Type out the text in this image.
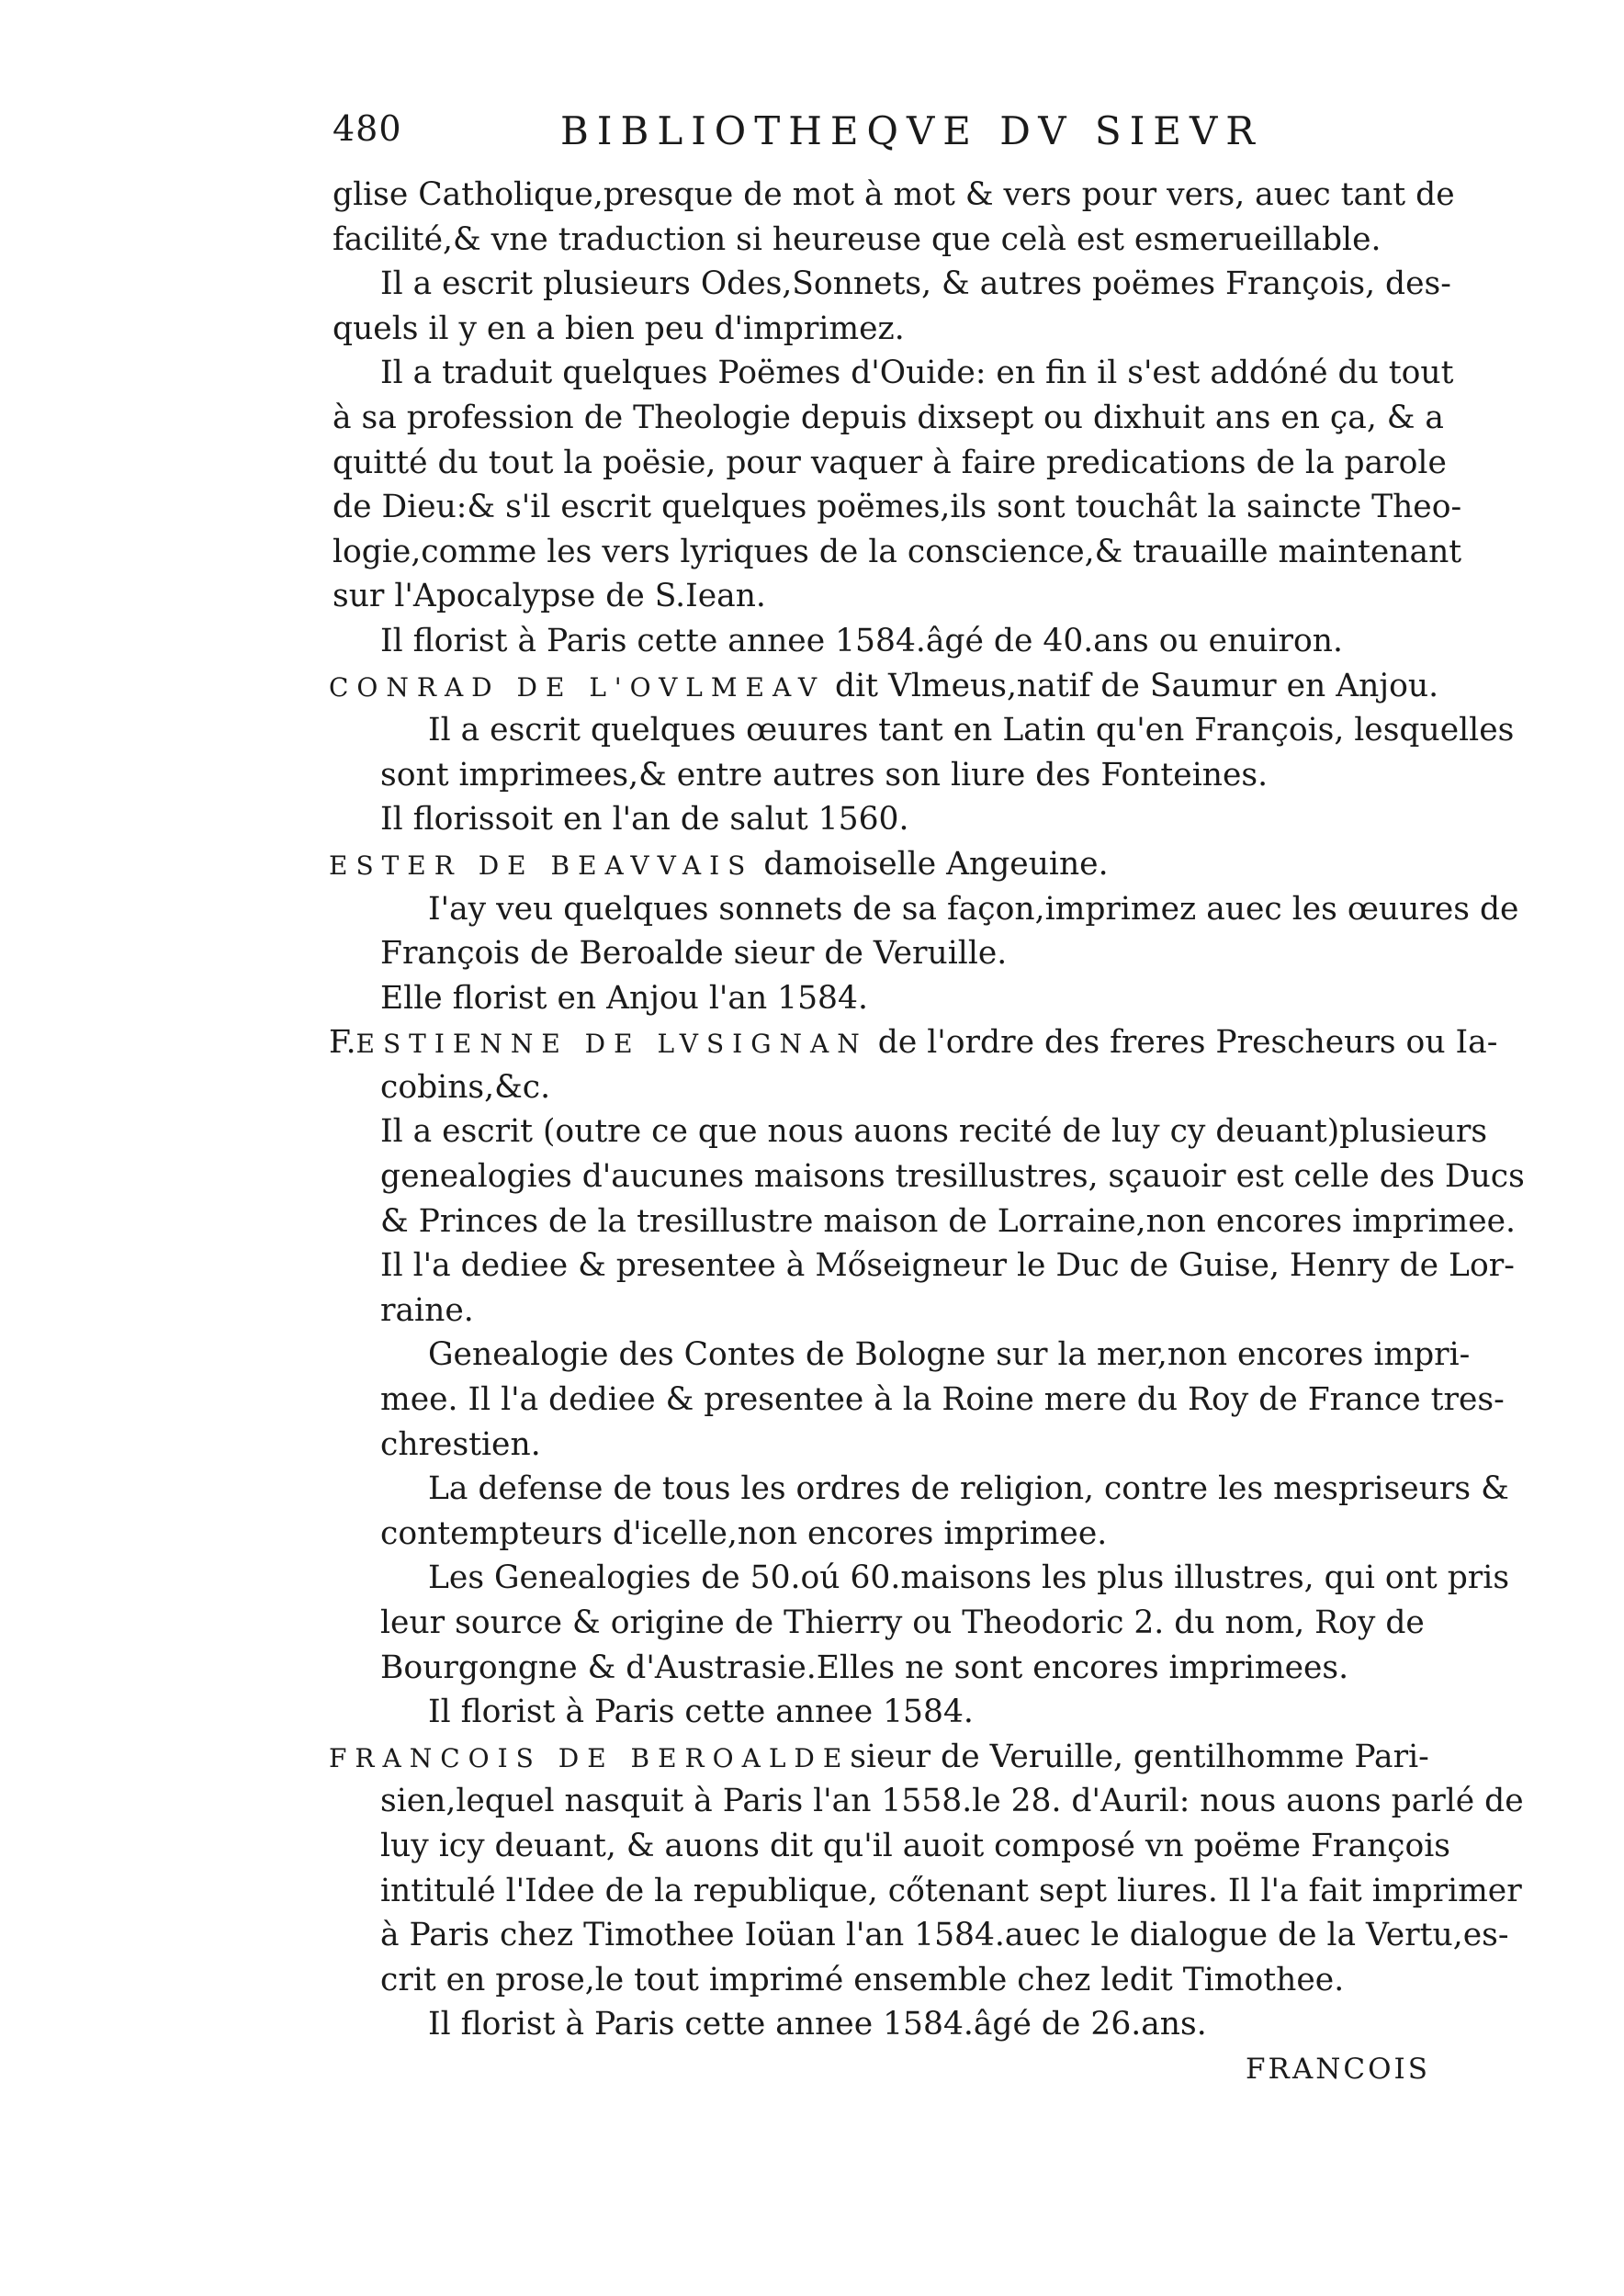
480	BIBLIOTHEQVE DV SIEVR
glise Catholique,presque de mot à mot & vers pour vers, auec tant de
facilité,& vne traduction si heureuse que celà est esmerueillable.
Il a escrit plusieurs Odes,Sonnets, & autres poëmes François, des-
quels il y en a bien peu d'imprimez.
Il a traduit quelques Poëmes d'Ouide: en fin il s'est addóné du tout
à sa profession de Theologie depuis dixsept ou dixhuit ans en ça, & a
quitté du tout la poësie, pour vaquer à faire predications de la parole
de Dieu:& s'il escrit quelques poëmes,ils sont touchât la saincte Theo-
logie,comme les vers lyriques de la conscience,& trauaille maintenant
sur l'Apocalypse de S.Iean.
Il florist à Paris cette annee 1584.âgé de 40.ans ou enuiron.
CONRAD DE L'OVLMEAV dit Vlmeus,natif de Saumur en Anjou.
Il a escrit quelques œuures tant en Latin qu'en François, lesquelles
sont imprimees,& entre autres son liure des Fonteines.
Il florissoit en l'an de salut 1560.
ESTER DE BEAVVAIS damoiselle Angeuine.
I'ay veu quelques sonnets de sa façon,imprimez auec les œuures de
François de Beroalde sieur de Veruille.
Elle florist en Anjou l'an 1584.
F.ESTIENNE DE LVSIGNAN de l'ordre des freres Prescheurs ou Ia-
cobins,&c.
Il a escrit (outre ce que nous auons recité de luy cy deuant)plusieurs
genealogies d'aucunes maisons tresillustres, sçauoir est celle des Ducs
& Princes de la tresillustre maison de Lorraine,non encores imprimee.
Il l'a dediee & presentee à Mőseigneur le Duc de Guise, Henry de Lor-
raine.
Genealogie des Contes de Bologne sur la mer,non encores impri-
mee. Il l'a dediee & presentee à la Roine mere du Roy de France tres-
chrestien.
La defense de tous les ordres de religion, contre les mespriseurs &
contempteurs d'icelle,non encores imprimee.
Les Genealogies de 50.oú 60.maisons les plus illustres, qui ont pris
leur source & origine de Thierry ou Theodoric 2. du nom, Roy de
Bourgongne & d'Austrasie.Elles ne sont encores imprimees.
Il florist à Paris cette annee 1584.
FRANCOIS DE BEROALDEsieur de Veruille, gentilhomme Pari-
sien,lequel nasquit à Paris l'an 1558.le 28. d'Auril: nous auons parlé de
luy icy deuant, & auons dit qu'il auoit composé vn poëme François
intitulé l'Idee de la republique, cőtenant sept liures. Il l'a fait imprimer
à Paris chez Timothee Ioüan l'an 1584.auec le dialogue de la Vertu,es-
crit en prose,le tout imprimé ensemble chez ledit Timothee.
Il florist à Paris cette annee 1584.âgé de 26.ans.
FRANCOIS
